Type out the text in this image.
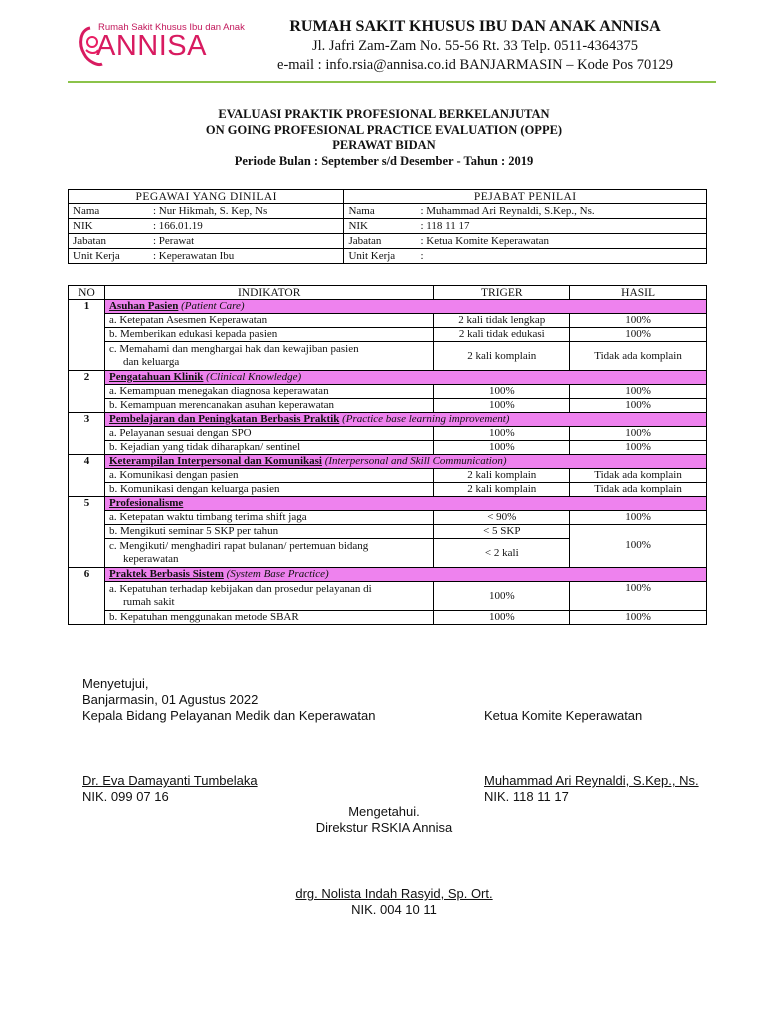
Rumah Sakit Khusus Ibu dan Anak
ANNISA
RUMAH SAKIT KHUSUS IBU DAN ANAK ANNISA
Jl. Jafri Zam-Zam No. 55-56 Rt. 33 Telp. 0511-4364375
e-mail : info.rsia@annisa.co.id BANJARMASIN – Kode Pos 70129
EVALUASI PRAKTIK PROFESIONAL BERKELANJUTAN
ON GOING PROFESIONAL PRACTICE EVALUATION (OPPE)
PERAWAT BIDAN
Periode Bulan : September s/d Desember - Tahun : 2019
PEGAWAI YANG DINILAI		PEJABAT PENILAI	
Nama	: Nur Hikmah, S. Kep, Ns	Nama	: Muhammad Ari Reynaldi, S.Kep., Ns.
NIK	: 166.01.19	NIK	: 118 11 17
Jabatan	: Perawat	Jabatan	: Ketua Komite Keperawatan
Unit Kerja	: Keperawatan Ibu	Unit Kerja	:
NO	INDIKATOR	TRIGER	HASIL
1	Asuhan Pasien (Patient Care)		
	a. Ketepatan Asesmen Keperawatan	2 kali tidak lengkap	100%
	b. Memberikan edukasi kepada pasien	2 kali tidak edukasi	100%

	c. Memahami dan menghargai hak dan kewajiban pasien
dan keluarga	2 kali komplain	Tidak ada komplain
2	Pengatahuan Klinik (Clinical Knowledge)		
	a. Kemampuan menegakan diagnosa keperawatan	100%	100%
	b. Kemampuan merencanakan asuhan keperawatan	100%	100%
3	Pembelajaran dan Peningkatan Berbasis Praktik (Practice base learning improvement)		
	a. Pelayanan sesuai dengan SPO	100%	100%
	b. Kejadian yang tidak diharapkan/ sentinel	100%	100%
4	Keterampilan Interpersonal dan Komunikasi (Interpersonal and Skill Communication)		
	a. Komunikasi dengan pasien	2 kali komplain	Tidak ada komplain
	b. Komunikasi dengan keluarga pasien	2 kali komplain	Tidak ada komplain
5	Profesionalisme		
	a. Ketepatan waktu timbang terima shift jaga	< 90%	100%
	b. Mengikuti seminar 5 SKP per tahun	< 5 SKP	

	c. Mengikuti/ menghadiri rapat bulanan/ pertemuan bidang
keperawatan	< 2 kali	100%
6	Praktek Berbasis Sistem (System Base Practice)		

	a. Kepatuhan terhadap kebijakan dan prosedur pelayanan di
rumah sakit	100%	100%
	b. Kepatuhan menggunakan metode SBAR	100%	100%
Menyetujui,
Banjarmasin, 01 Agustus 2022
Kepala Bidang Pelayanan Medik dan Keperawatan	Ketua Komite Keperawatan
Dr. Eva Damayanti Tumbelaka
NIK. 099 07 16
Muhammad Ari Reynaldi, S.Kep., Ns.
NIK. 118 11 17
Mengetahui.
Direkstur RSKIA Annisa
drg. Nolista Indah Rasyid, Sp. Ort.
NIK. 004 10 11
